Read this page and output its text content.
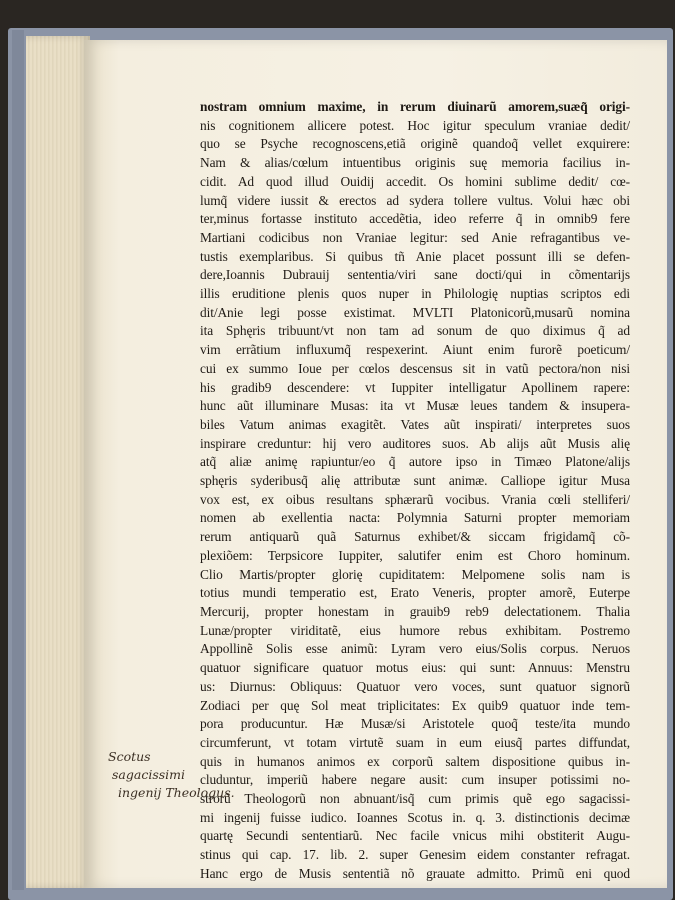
nostram omnium maxime, in rerum diuinarũ amorem,suæq̃ origi-
nis cognitionem allicere potest. Hoc igitur speculum vraniae dedit/
quo se Psyche recognoscens,etiã originẽ quandoq̃ vellet exquirere:
Nam & alias/cœlum intuentibus originis suę memoria facilius in-
cidit. Ad quod illud Ouidij accedit. Os homini sublime dedit/ cœ-
lumq̃ videre iussit & erectos ad sydera tollere vultus. Volui hæc obi
ter,minus fortasse instituto accedẽtia, ideo referre q̃ in omnib9 fere
Martiani codicibus non Vraniae legitur: sed Anie refragantibus ve-
tustis exemplaribus. Si quibus tñ Anie placet possunt illi se defen-
dere,Ioannis Dubrauij sententia/viri sane docti/qui in cõmentarijs
illis eruditione plenis quos nuper in Philologię nuptias scriptos edi
dit/Anie legi posse existimat. MVLTI Platonicorũ,musarũ nomina
ita Sphęris tribuunt/vt non tam ad sonum de quo diximus q̃ ad
vim errãtium influxumq̃ respexerint. Aiunt enim furorẽ poeticum/
cui ex summo Ioue per cœlos descensus sit in vatũ pectora/non nisi
his gradib9 descendere: vt Iuppiter intelligatur Apollinem rapere:
hunc aũt illuminare Musas: ita vt Musæ leues tandem & insupera-
biles Vatum animas exagitẽt. Vates aũt inspirati/ interpretes suos
inspirare creduntur: hij vero auditores suos. Ab alijs aũt Musis alię
atq̃ aliæ animę rapiuntur/eo q̃ autore ipso in Timæo Platone/alijs
sphęris syderibusq̃ alię attributæ sunt animæ. Calliope igitur Musa
vox est, ex oibus resultans sphærarũ vocibus. Vrania cœli stelliferi/
nomen ab exellentia nacta: Polymnia Saturni propter memoriam
rerum antiquarũ quã Saturnus exhibet/& siccam frigidamq̃ cõ-
plexiõem: Terpsicore Iuppiter, salutifer enim est Choro hominum.
Clio Martis/propter glorię cupiditatem: Melpomene solis nam is
totius mundi temperatio est, Erato Veneris, propter amorẽ, Euterpe
Mercurij, propter honestam in grauib9 reb9 delectationem. Thalia
Lunæ/propter viriditatẽ, eius humore rebus exhibitam. Postremo
Appollinẽ Solis esse animũ: Lyram vero eius/Solis corpus. Neruos
quatuor significare quatuor motus eius: qui sunt: Annuus: Menstru
us: Diurnus: Obliquus: Quatuor vero voces, sunt quatuor signorũ
Zodiaci per quę Sol meat triplicitates: Ex quib9 quatuor inde tem-
pora producuntur. Hæ Musæ/si Aristotele quoq̃ teste/ita mundo
circumferunt, vt totam virtutẽ suam in eum eiusq̃ partes diffundat,
quis in humanos animos ex corporũ saltem dispositione quibus in-
cluduntur, imperiũ habere negare ausit: cum insuper potissimi no-
strorũ Theologorũ non abnuant/isq̃ cum primis quẽ ego sagacissi-
mi ingenij fuisse iudico. Ioannes Scotus in. q. 3. distinctionis decimæ
quartę Secundi sententiarũ. Nec facile vnicus mihi obstiterit Augu-
stinus qui cap. 17. lib. 2. super Genesim eidem constanter refragat.
Hanc ergo de Musis sententiã nõ grauate admitto. Primũ eni quod
Scotus
sagacissimi
ingenij Theologus.
